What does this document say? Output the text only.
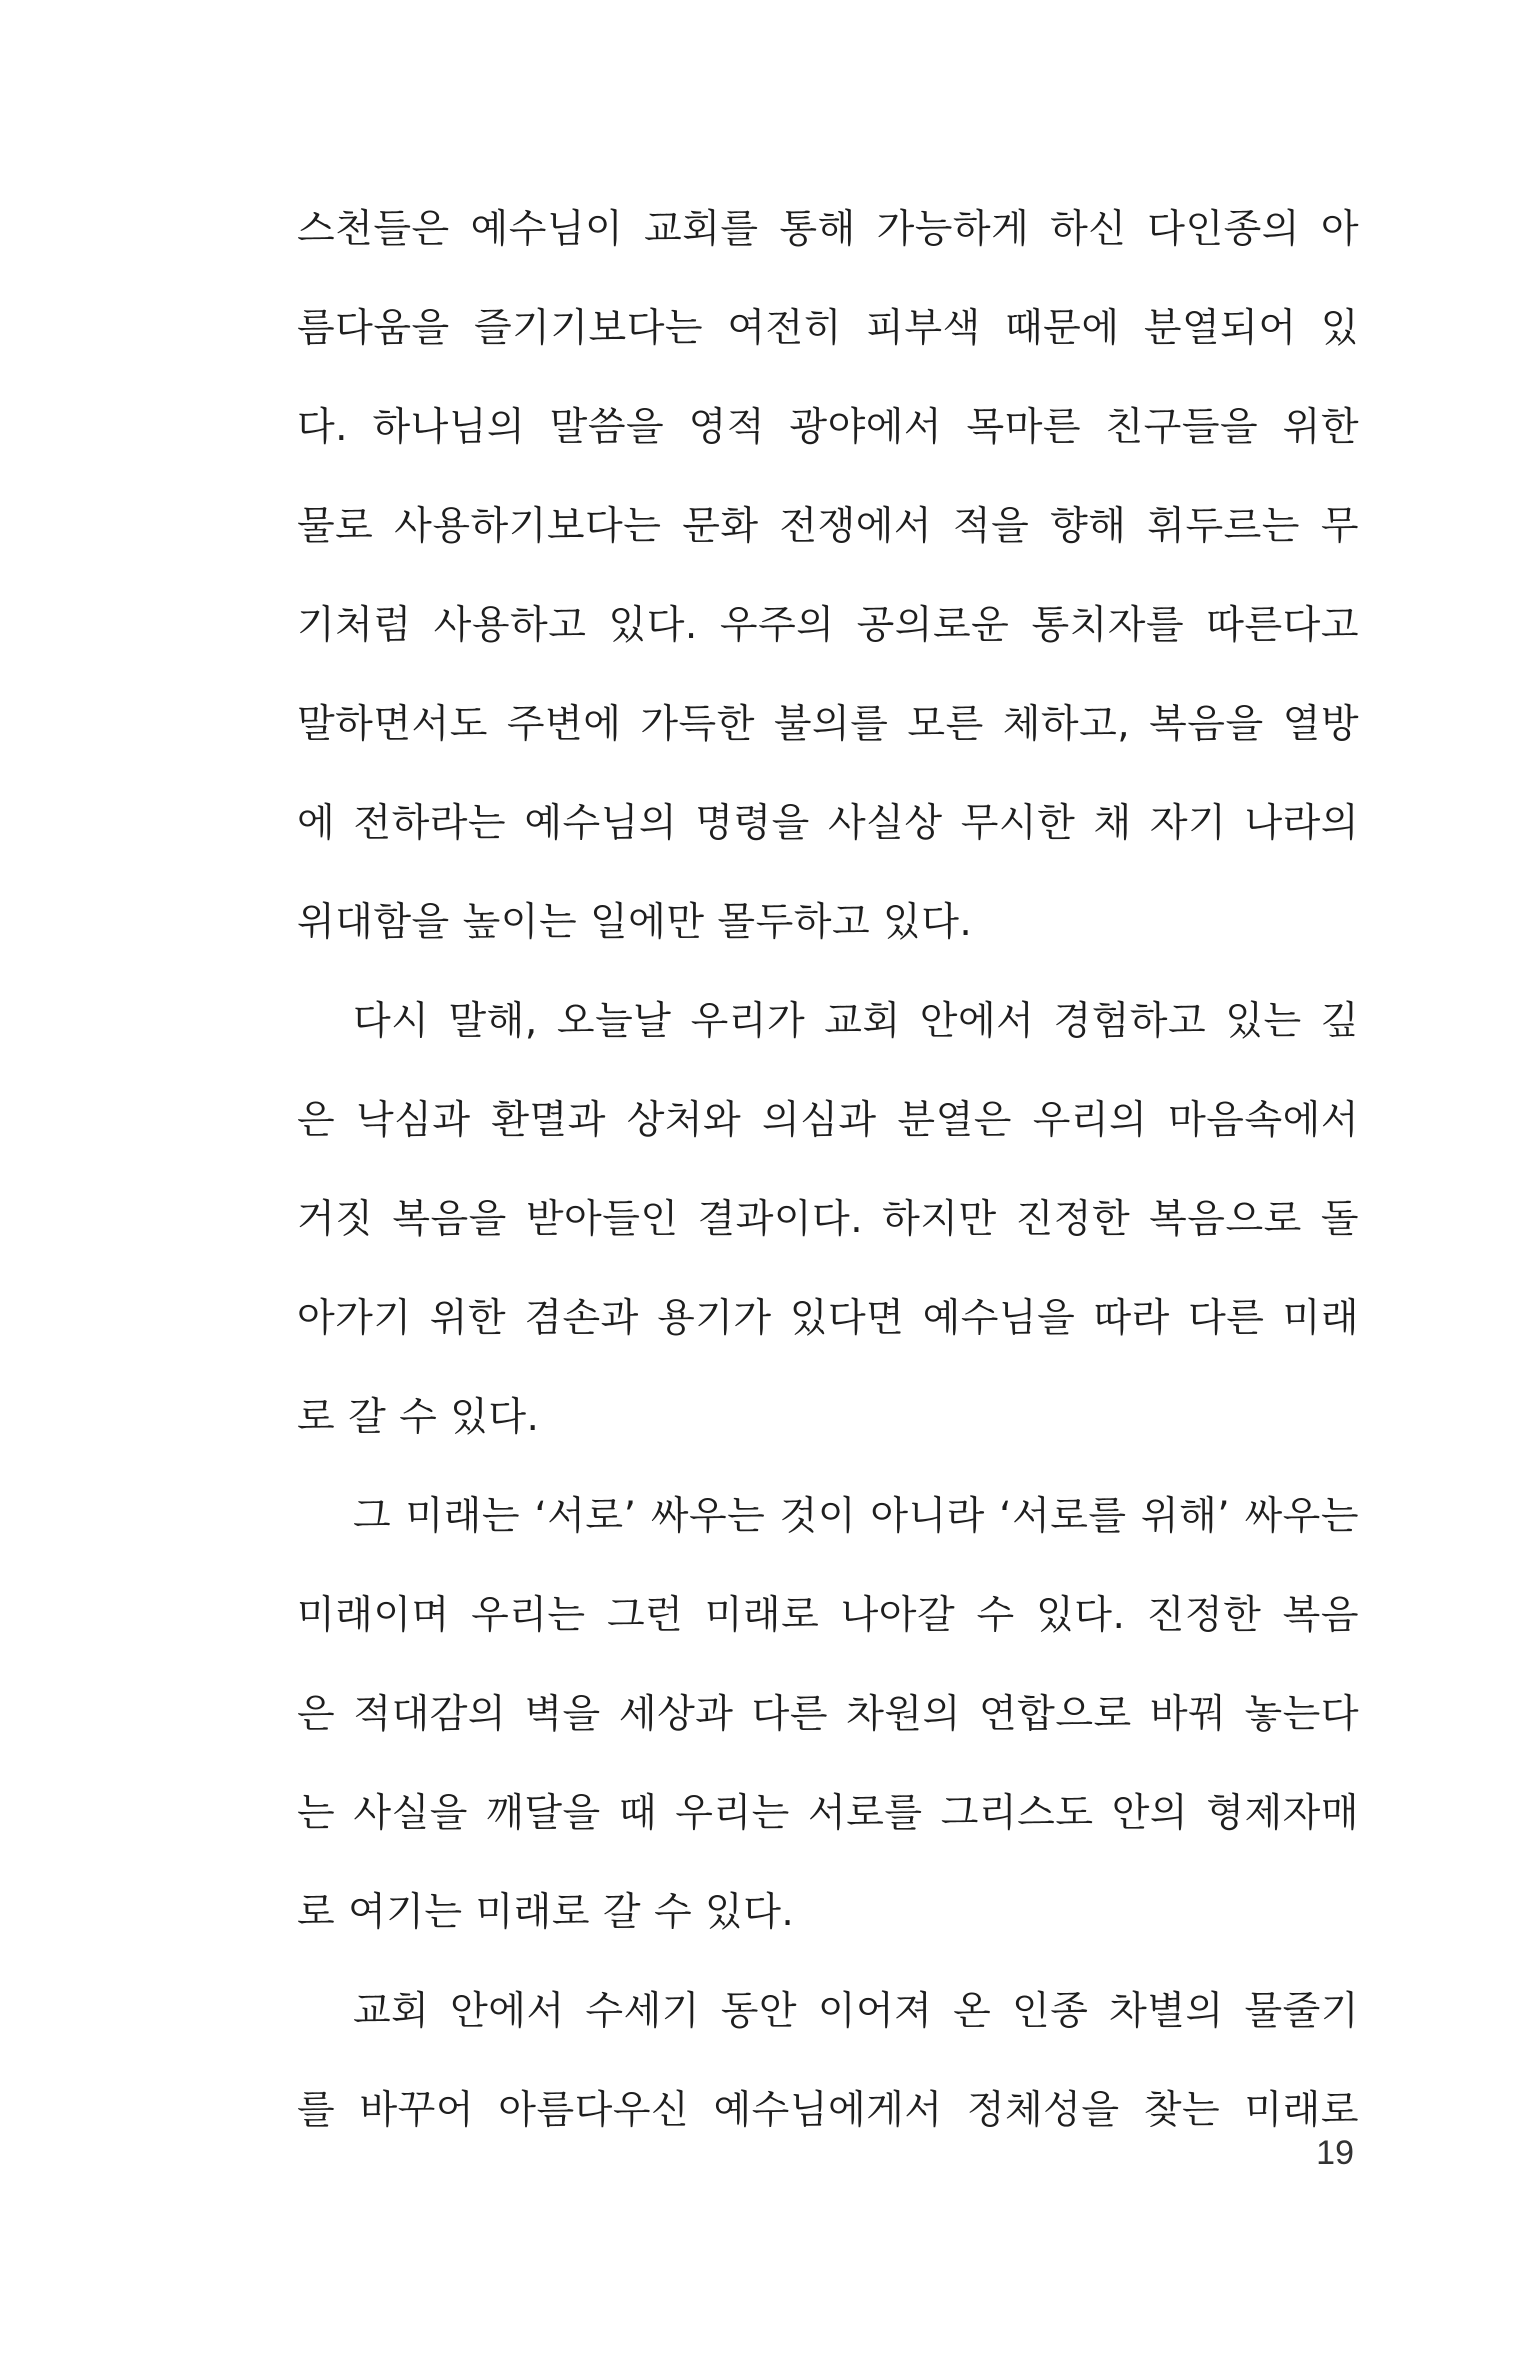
스천들은 예수님이 교회를 통해 가능하게 하신 다인종의 아
름다움을 즐기기보다는 여전히 피부색 때문에 분열되어 있
다. 하나님의 말씀을 영적 광야에서 목마른 친구들을 위한
물로 사용하기보다는 문화 전쟁에서 적을 향해 휘두르는 무
기처럼 사용하고 있다. 우주의 공의로운 통치자를 따른다고
말하면서도 주변에 가득한 불의를 모른 체하고, 복음을 열방
에 전하라는 예수님의 명령을 사실상 무시한 채 자기 나라의
위대함을 높이는 일에만 몰두하고 있다.
다시 말해, 오늘날 우리가 교회 안에서 경험하고 있는 깊
은 낙심과 환멸과 상처와 의심과 분열은 우리의 마음속에서
거짓 복음을 받아들인 결과이다. 하지만 진정한 복음으로 돌
아가기 위한 겸손과 용기가 있다면 예수님을 따라 다른 미래
로 갈 수 있다.
그 미래는 ‘서로’ 싸우는 것이 아니라 ‘서로를 위해’ 싸우는
미래이며 우리는 그런 미래로 나아갈 수 있다. 진정한 복음
은 적대감의 벽을 세상과 다른 차원의 연합으로 바꿔 놓는다
는 사실을 깨달을 때 우리는 서로를 그리스도 안의 형제자매
로 여기는 미래로 갈 수 있다.
교회 안에서 수세기 동안 이어져 온 인종 차별의 물줄기
를 바꾸어 아름다우신 예수님에게서 정체성을 찾는 미래로
19
